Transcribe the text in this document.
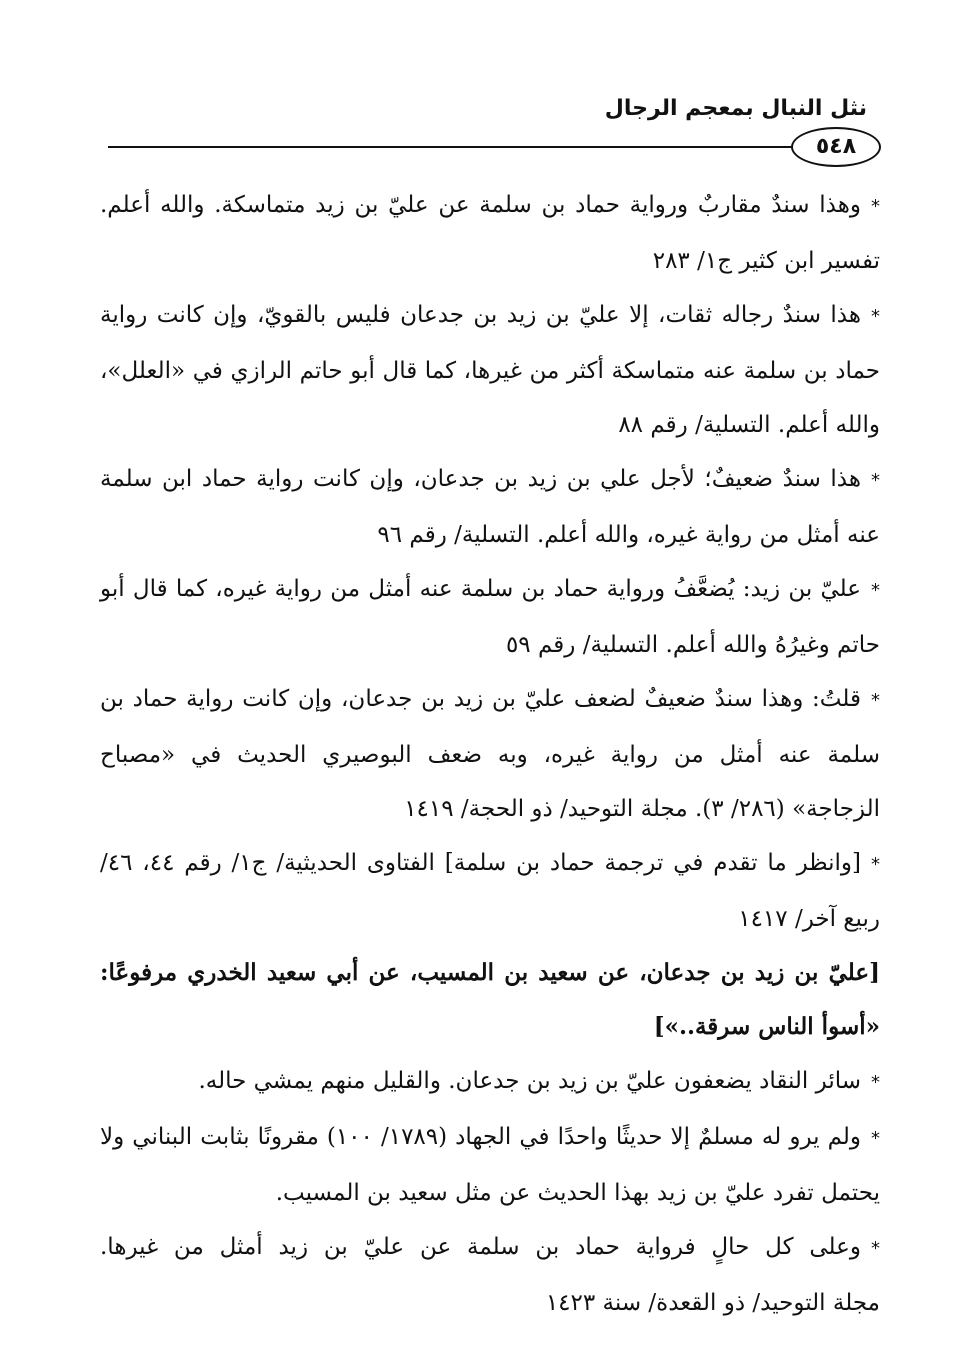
نثل النبال بمعجم الرجال
٥٤٨

*وهذا سندٌ مقاربٌ ورواية حماد بن سلمة عن عليّ بن زيد متماسكة. والله أعلم. تفسير ابن كثير ج١/ ٢٨٣

*هذا سندٌ رجاله ثقات، إلا عليّ بن زيد بن جدعان فليس بالقويّ، وإن كانت رواية حماد بن سلمة عنه متماسكة أكثر من غيرها، كما قال أبو حاتم الرازي في «العلل»، والله أعلم. التسلية/ رقم ٨٨

*هذا سندٌ ضعيفٌ؛ لأجل علي بن زيد بن جدعان، وإن كانت رواية حماد ابن سلمة عنه أمثل من رواية غيره، والله أعلم. التسلية/ رقم ٩٦

*عليّ بن زيد: يُضعَّفُ ورواية حماد بن سلمة عنه أمثل من رواية غيره، كما قال أبو حاتم وغيرُهُ والله أعلم. التسلية/ رقم ٥٩

*قلتُ: وهذا سندٌ ضعيفٌ لضعف عليّ بن زيد بن جدعان، وإن كانت رواية حماد بن سلمة عنه أمثل من رواية غيره، وبه ضعف البوصيري الحديث في «مصباح الزجاجة» (٢٨٦/ ٣). مجلة التوحيد/ ذو الحجة/ ١٤١٩

*[وانظر ما تقدم في ترجمة حماد بن سلمة] الفتاوى الحديثية/ ج١/ رقم ٤٤، ٤٦/ ربيع آخر/ ١٤١٧

[عليّ بن زيد بن جدعان، عن سعيد بن المسيب، عن أبي سعيد الخدري مرفوعًا: «أسوأ الناس سرقة..»]

*سائر النقاد يضعفون عليّ بن زيد بن جدعان. والقليل منهم يمشي حاله.

*ولم يرو له مسلمٌ إلا حديثًا واحدًا في الجهاد (١٧٨٩/ ١٠٠) مقرونًا بثابت البناني ولا يحتمل تفرد عليّ بن زيد بهذا الحديث عن مثل سعيد بن المسيب.

*وعلى كل حالٍ فرواية حماد بن سلمة عن عليّ بن زيد أمثل من غيرها. مجلة التوحيد/ ذو القعدة/ سنة ١٤٢٣
